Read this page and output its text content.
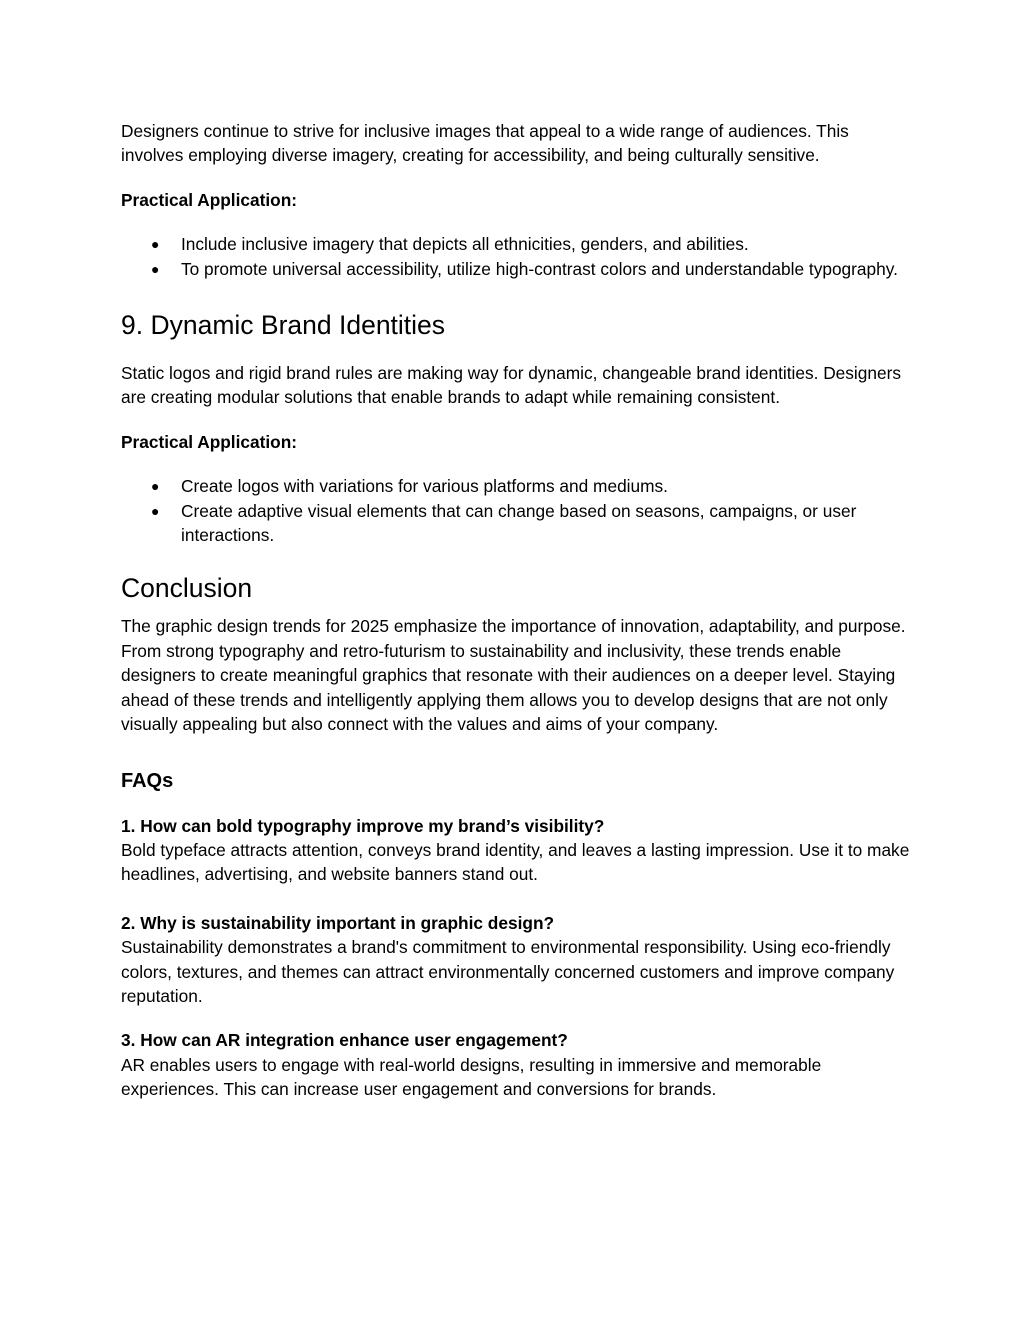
Designers continue to strive for inclusive images that appeal to a wide range of audiences. This involves employing diverse imagery, creating for accessibility, and being culturally sensitive.

Practical Application:

● Include inclusive imagery that depicts all ethnicities, genders, and abilities.
● To promote universal accessibility, utilize high-contrast colors and understandable typography.
9. Dynamic Brand Identities

Static logos and rigid brand rules are making way for dynamic, changeable brand identities. Designers are creating modular solutions that enable brands to adapt while remaining consistent.

Practical Application:

● Create logos with variations for various platforms and mediums.
● Create adaptive visual elements that can change based on seasons, campaigns, or user interactions.
Conclusion

The graphic design trends for 2025 emphasize the importance of innovation, adaptability, and purpose. From strong typography and retro-futurism to sustainability and inclusivity, these trends enable designers to create meaningful graphics that resonate with their audiences on a deeper level. Staying ahead of these trends and intelligently applying them allows you to develop designs that are not only visually appealing but also connect with the values and aims of your company.

FAQs

1. How can bold typography improve my brand’s visibility?

Bold typeface attracts attention, conveys brand identity, and leaves a lasting impression. Use it to make headlines, advertising, and website banners stand out.

2. Why is sustainability important in graphic design?

Sustainability demonstrates a brand's commitment to environmental responsibility. Using eco-friendly colors, textures, and themes can attract environmentally concerned customers and improve company reputation.

3. How can AR integration enhance user engagement?

AR enables users to engage with real-world designs, resulting in immersive and memorable experiences. This can increase user engagement and conversions for brands.
